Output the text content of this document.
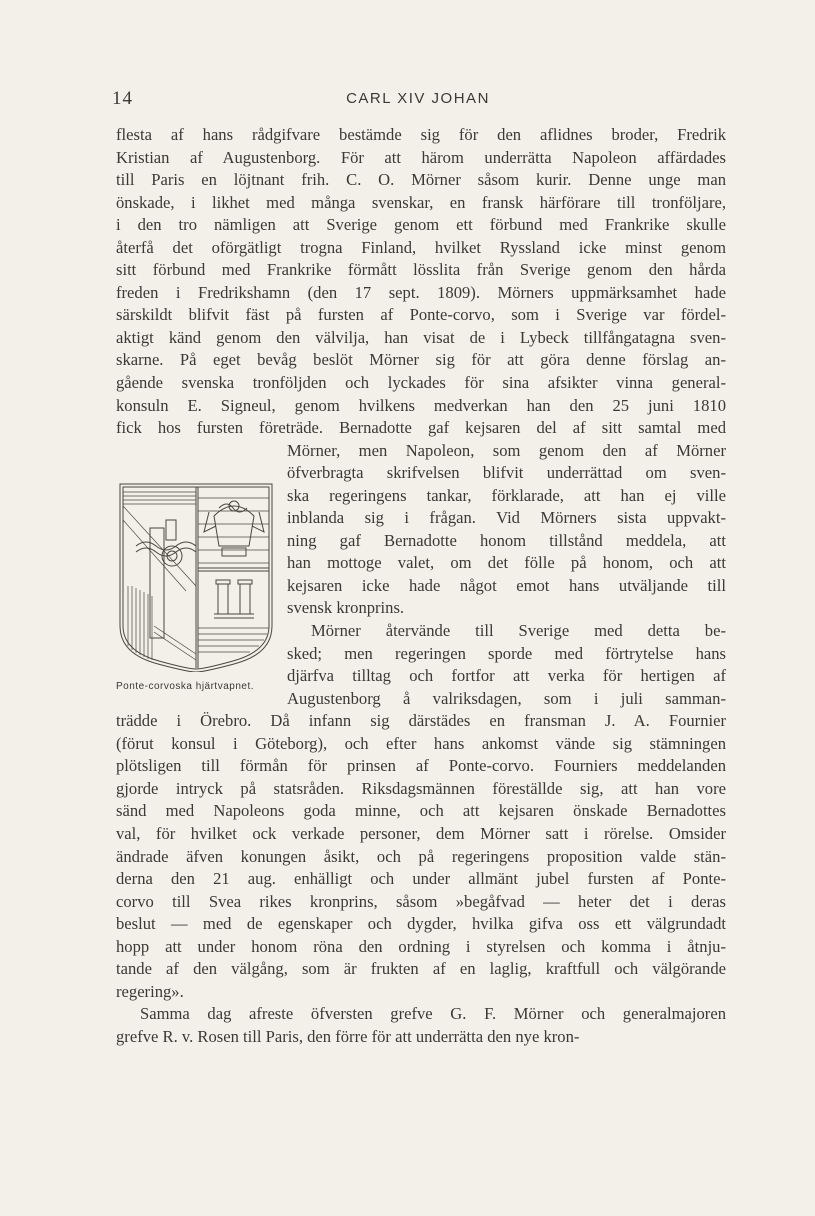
14	CARL XIV JOHAN
Ponte-corvoska hjärtvapnet.
flesta af hans rådgifvare bestämde sig för den aflidnes broder, Fredrik
Kristian af Augustenborg. För att härom underrätta Napoleon affärdades
till Paris en löjtnant frih. C. O. Mörner såsom kurir. Denne unge man
önskade, i likhet med många svenskar, en fransk härförare till tronföljare,
i den tro nämligen att Sverige genom ett förbund med Frankrike skulle
återfå det oförgätligt trogna Finland, hvilket Ryssland icke minst genom
sitt förbund med Frankrike förmått lösslita från Sverige genom den hårda
freden i Fredrikshamn (den 17 sept. 1809). Mörners uppmärksamhet hade
särskildt blifvit fäst på fursten af Ponte-corvo, som i Sverige var fördel-
aktigt känd genom den välvilja, han visat de i Lybeck tillfångatagna sven-
skarne. På eget bevåg beslöt Mörner sig för att göra denne förslag an-
gående svenska tronföljden och lyckades för sina afsikter vinna general-
konsuln E. Signeul, genom hvilkens medverkan han den 25 juni 1810
fick hos fursten företräde. Bernadotte gaf kejsaren del af sitt samtal med
Mörner, men Napoleon, som genom den af Mörner
öfverbragta skrifvelsen blifvit underrättad om sven-
ska regeringens tankar, förklarade, att han ej ville
inblanda sig i frågan. Vid Mörners sista uppvakt-
ning gaf Bernadotte honom tillstånd meddela, att
han mottoge valet, om det fölle på honom, och att
kejsaren icke hade något emot hans utväljande till
svensk kronprins.
Mörner återvände till Sverige med detta be-
sked; men regeringen sporde med förtrytelse hans
djärfva tilltag och fortfor att verka för hertigen af
Augustenborg å valriksdagen, som i juli samman-
trädde i Örebro. Då infann sig därstädes en fransman J. A. Fournier
(förut konsul i Göteborg), och efter hans ankomst vände sig stämningen
plötsligen till förmån för prinsen af Ponte-corvo. Fourniers meddelanden
gjorde intryck på statsråden. Riksdagsmännen föreställde sig, att han vore
sänd med Napoleons goda minne, och att kejsaren önskade Bernadottes
val, för hvilket ock verkade personer, dem Mörner satt i rörelse. Omsider
ändrade äfven konungen åsikt, och på regeringens proposition valde stän-
derna den 21 aug. enhälligt och under allmänt jubel fursten af Ponte-
corvo till Svea rikes kronprins, såsom »begåfvad — heter det i deras
beslut — med de egenskaper och dygder, hvilka gifva oss ett välgrundadt
hopp att under honom röna den ordning i styrelsen och komma i åtnju-
tande af den välgång, som är frukten af en laglig, kraftfull och välgörande
regering».
Samma dag afreste öfversten grefve G. F. Mörner och generalmajoren
grefve R. v. Rosen till Paris, den förre för att underrätta den nye kron-
